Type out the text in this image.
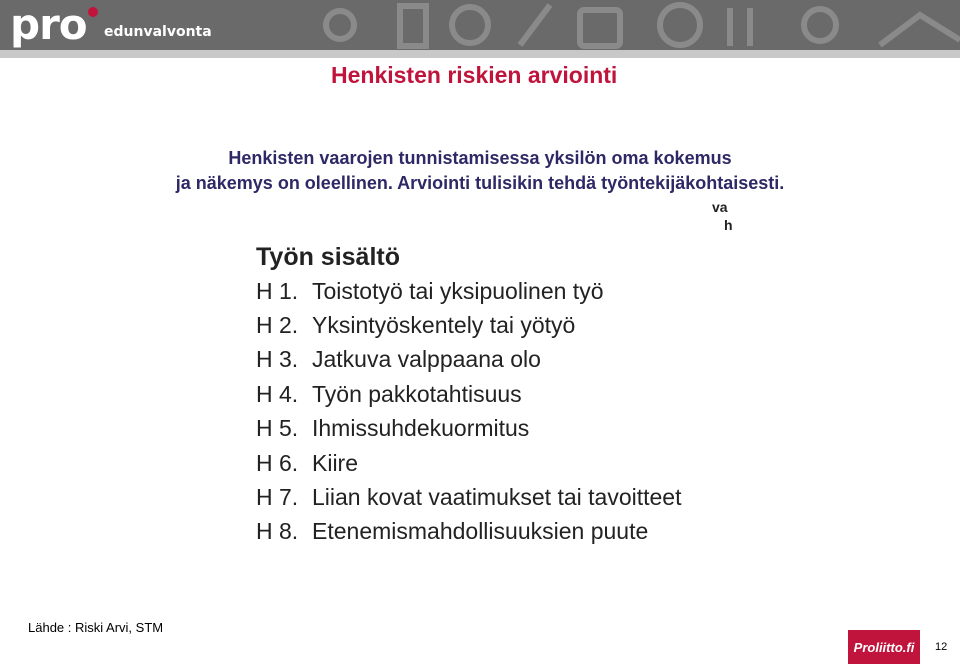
pro edunvalvonta
Henkisten riskien arviointi
Henkisten vaarojen tunnistamisessa yksilön oma kokemus
ja näkemys on oleellinen. Arviointi tulisikin tehdä työntekijäkohtaisesti.
va
h
Työn sisältö
H 1. Toistotyö tai yksipuolinen työ
H 2. Yksintyöskentely tai yötyö
H 3. Jatkuva valppaana olo
H 4. Työn pakkotahtisuus
H 5. Ihmissuhdekuormitus
H 6. Kiire
H 7. Liian kovat vaatimukset tai tavoitteet
H 8. Etenemismahdollisuuksien puute
Lähde : Riski Arvi, STM
Proliitto.fi	12
